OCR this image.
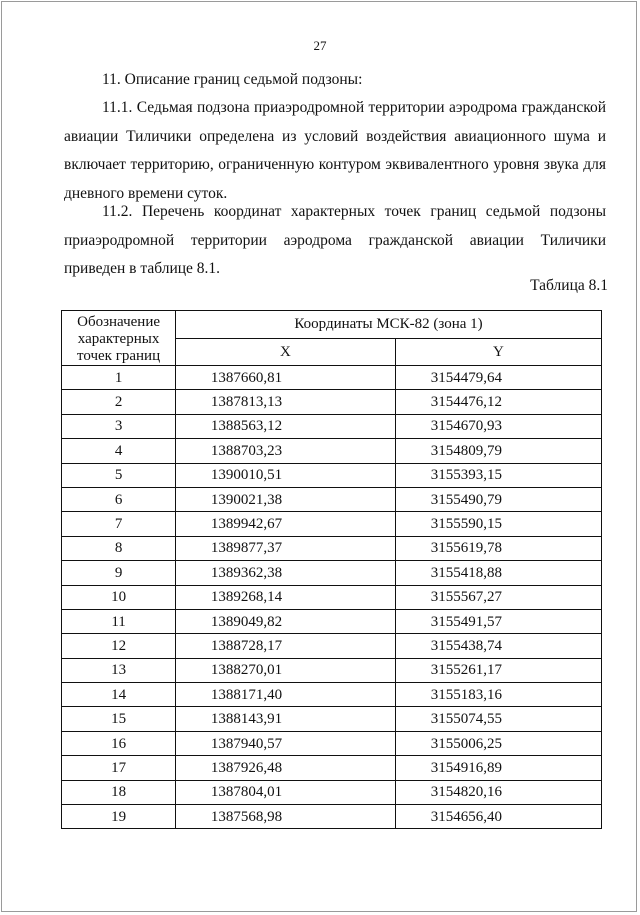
27
11. Описание границ седьмой подзоны:
11.1. Седьмая подзона приаэродромной территории аэродрома гражданской авиации Тиличики определена из условий воздействия авиационного шума и включает территорию, ограниченную контуром эквивалентного уровня звука для дневного времени суток.
11.2. Перечень координат характерных точек границ седьмой подзоны приаэродромной территории аэродрома гражданской авиации Тиличики приведен в таблице 8.1.
Таблица 8.1
Обозначение характерных точек границ	Координаты МСК-82 (зона 1)	
	X	Y
1	1387660,81	3154479,64
2	1387813,13	3154476,12
3	1388563,12	3154670,93
4	1388703,23	3154809,79
5	1390010,51	3155393,15
6	1390021,38	3155490,79
7	1389942,67	3155590,15
8	1389877,37	3155619,78
9	1389362,38	3155418,88
10	1389268,14	3155567,27
11	1389049,82	3155491,57
12	1388728,17	3155438,74
13	1388270,01	3155261,17
14	1388171,40	3155183,16
15	1388143,91	3155074,55
16	1387940,57	3155006,25
17	1387926,48	3154916,89
18	1387804,01	3154820,16
19	1387568,98	3154656,40
